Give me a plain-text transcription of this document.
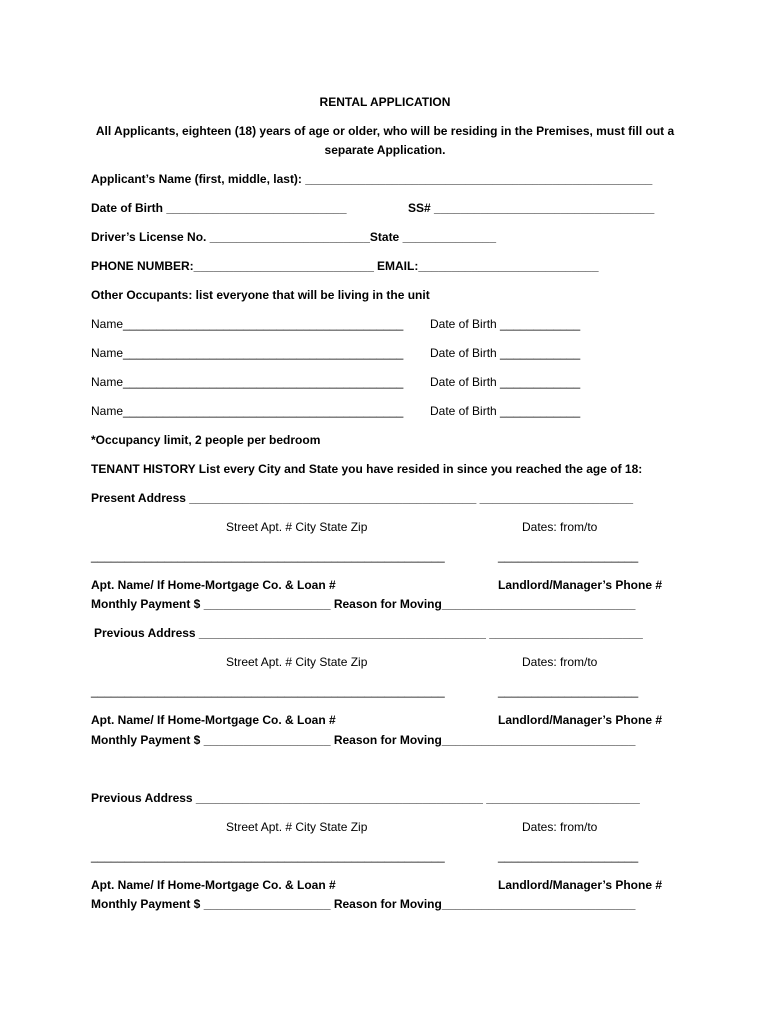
RENTAL APPLICATION
All Applicants, eighteen (18) years of age or older, who will be residing in the Premises, must fill out a
separate Application.
Applicant’s Name (first, middle, last): ____________________________________________________
Date of Birth ___________________________	SS# _________________________________
Driver’s License No. ________________________State ______________
PHONE NUMBER:___________________________ EMAIL:___________________________
Other Occupants: list everyone that will be living in the unit
Name__________________________________________ Date of Birth ____________
Name__________________________________________ Date of Birth ____________
Name__________________________________________ Date of Birth ____________
Name__________________________________________ Date of Birth ____________
*Occupancy limit, 2 people per bedroom
TENANT HISTORY List every City and State you have resided in since you reached the age of 18:
Present Address ___________________________________________ _______________________
Street Apt. # City State Zip	Dates: from/to
_____________________________________________________	_____________________
Apt. Name/ If Home-Mortgage Co. & Loan #	Landlord/Manager’s Phone #
Monthly Payment $ ___________________ Reason for Moving_____________________________
Previous Address ___________________________________________ _______________________
Street Apt. # City State Zip	Dates: from/to
_____________________________________________________	_____________________
Apt. Name/ If Home-Mortgage Co. & Loan #	Landlord/Manager’s Phone #
Monthly Payment $ ___________________ Reason for Moving_____________________________
Previous Address ___________________________________________ _______________________
Street Apt. # City State Zip	Dates: from/to
_____________________________________________________	_____________________
Apt. Name/ If Home-Mortgage Co. & Loan #	Landlord/Manager’s Phone #
Monthly Payment $ ___________________ Reason for Moving_____________________________
